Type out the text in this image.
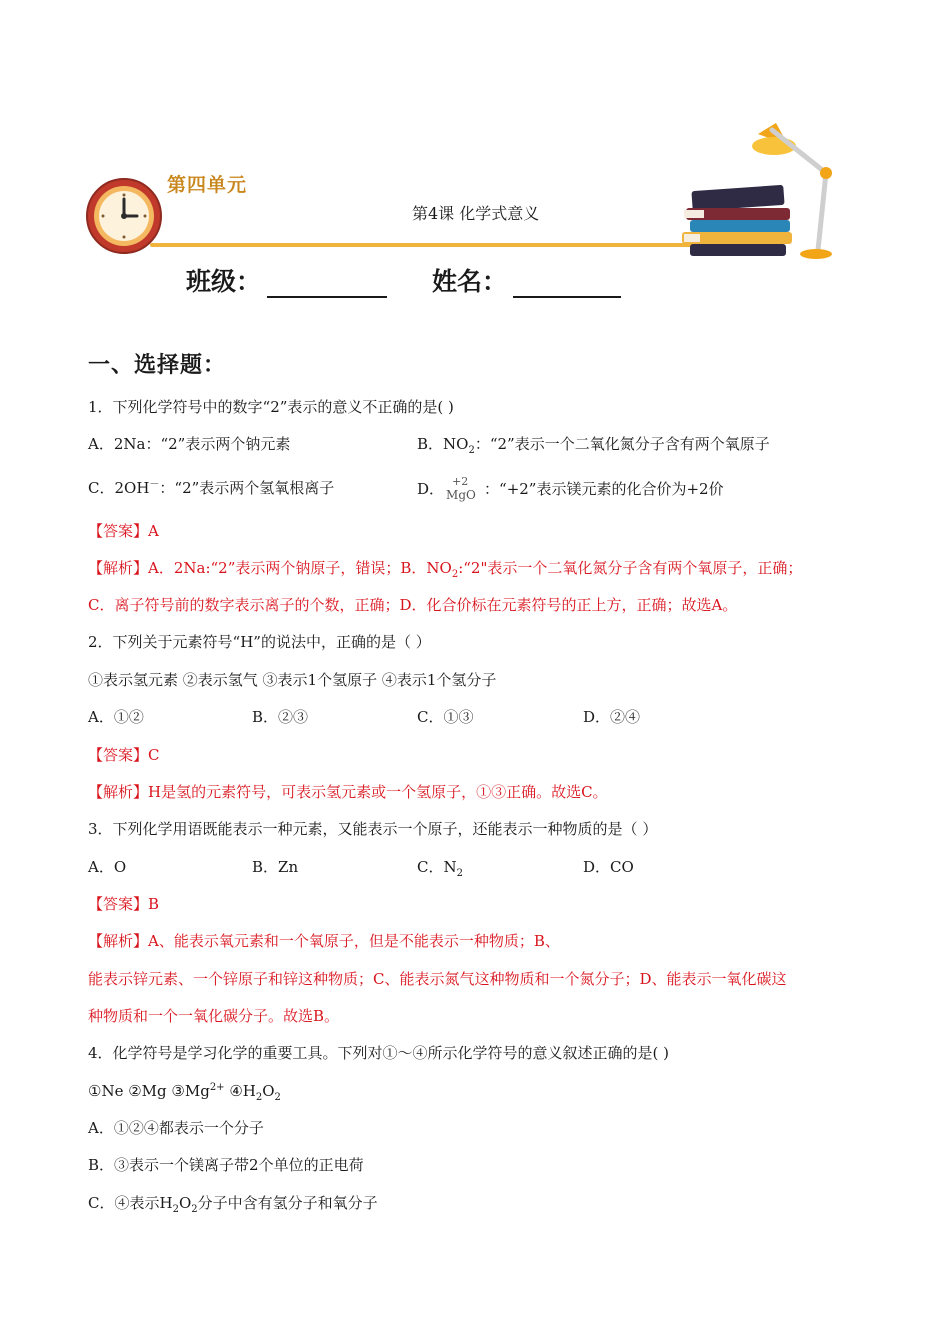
第四单元
第4课 化学式意义
班级：	姓名：
一、选择题：
1．下列化学符号中的数字“2”表示的意义不正确的是( )
A．2Na：“2”表示两个钠元素	B．$NO_2$：“2”表示一个二氧化氮分子含有两个氧原子
C．2OH－：“2”表示两个氢氧根离子	D． +2
MgO ：“+2”表示镁元素的化合价为+2价
【答案】A
【解析】A．2Na:“2”表示两个钠原子，错误；B．$NO_2:“2$"表示一个二氧化氮分子含有两个氧原子，正确；
C．离子符号前的数字表示离子的个数，正确；D．化合价标在元素符号的正上方，正确；故选A。
2．下列关于元素符号“H”的说法中，正确的是（ ）
①表示氢元素 ②表示氢气 ③表示1个氢原子 ④表示1个氢分子
A．①②	B．②③	C．①③	D．②④
【答案】C
【解析】H是氢的元素符号，可表示氢元素或一个氢原子，①③正确。故选C。
3．下列化学用语既能表示一种元素，又能表示一个原子，还能表示一种物质的是（ ）
A．O	B．Zn	C．$N_2$	D．CO
【答案】B
【解析】A、能表示氧元素和一个氧原子，但是不能表示一种物质；B、
能表示锌元素、一个锌原子和锌这种物质；C、能表示氮气这种物质和一个氮分子；D、能表示一氧化碳这
种物质和一个一氧化碳分子。故选B。
4．化学符号是学习化学的重要工具。下列对①～④所示化学符号的意义叙述正确的是( )
①Ne ②Mg $③Mg^{2+}$ $④H_2O_2$
A．①②④都表示一个分子
B．③表示一个镁离子带2个单位的正电荷
C．④表示$H_2O_2$分子中含有氢分子和氧分子
